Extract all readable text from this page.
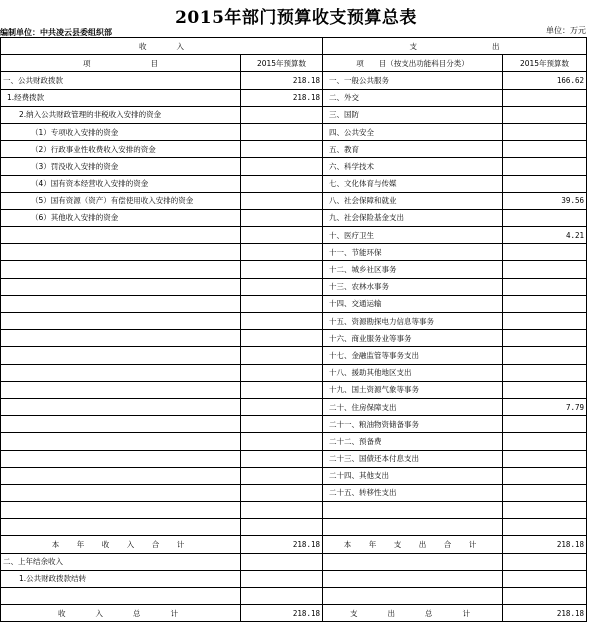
2015年部门预算收支预算总表
编制单位：中共凌云县委组织部	单位：万元
收　　　　入		支　　　　　　　　　　出	
项　　　　　　　　目	2015年预算数	项　　目（按支出功能科目分类）	2015年预算数
一、公共财政拨款	218.18	一、一般公共服务	166.62
1.经费拨款	218.18	二、外交	
2.纳入公共财政管理的非税收入安排的资金		三、国防	
（1）专项收入安排的资金		四、公共安全	
（2）行政事业性收费收入安排的资金		五、教育	
（3）罚没收入安排的资金		六、科学技术	
（4）国有资本经营收入安排的资金		七、文化体育与传媒	
（5）国有资源（资产）有偿使用收入安排的资金		八、社会保障和就业	39.56
（6）其他收入安排的资金		九、社会保险基金支出	
		十、医疗卫生	4.21
		十一、节能环保	
		十二、城乡社区事务	
		十三、农林水事务	
		十四、交通运输	
		十五、资源勘探电力信息等事务	
		十六、商业服务业等事务	
		十七、金融监管等事务支出	
		十八、援助其他地区支出	
		十九、国土资源气象等事务	
		二十、住房保障支出	7.79
		二十一、粮油物资储备事务	
		二十二、预备费	
		二十三、国债还本付息支出	
		二十四、其他支出	
		二十五、转移性支出	

本　年　收　入　合　计	218.18	本　年　支　出　合　计	218.18
二、上年结余收入			
1.公共财政拨款结转			

收　　入　　总　　计	218.18	支　　出　　总　　计	218.18
